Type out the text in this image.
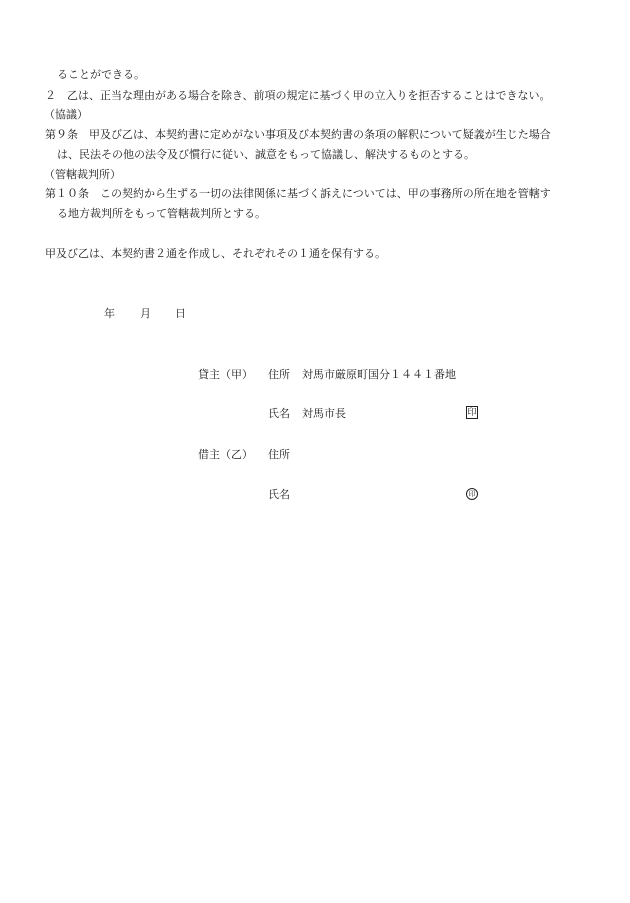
ることができる。
２　乙は、正当な理由がある場合を除き、前項の規定に基づく甲の立入りを拒否することはできない。
（協議）
第９条　甲及び乙は、本契約書に定めがない事項及び本契約書の条項の解釈について疑義が生じた場合
は、民法その他の法令及び慣行に従い、誠意をもって協議し、解決するものとする。
（管轄裁判所）
第１０条　この契約から生ずる一切の法律関係に基づく訴えについては、甲の事務所の所在地を管轄す
る地方裁判所をもって管轄裁判所とする。
甲及び乙は、本契約書２通を作成し、それぞれその１通を保有する。
年 月 日
貸主（甲） 住所 対馬市厳原町国分１４４１番地
氏名 対馬市長	印
借主（乙） 住所
氏名	印
